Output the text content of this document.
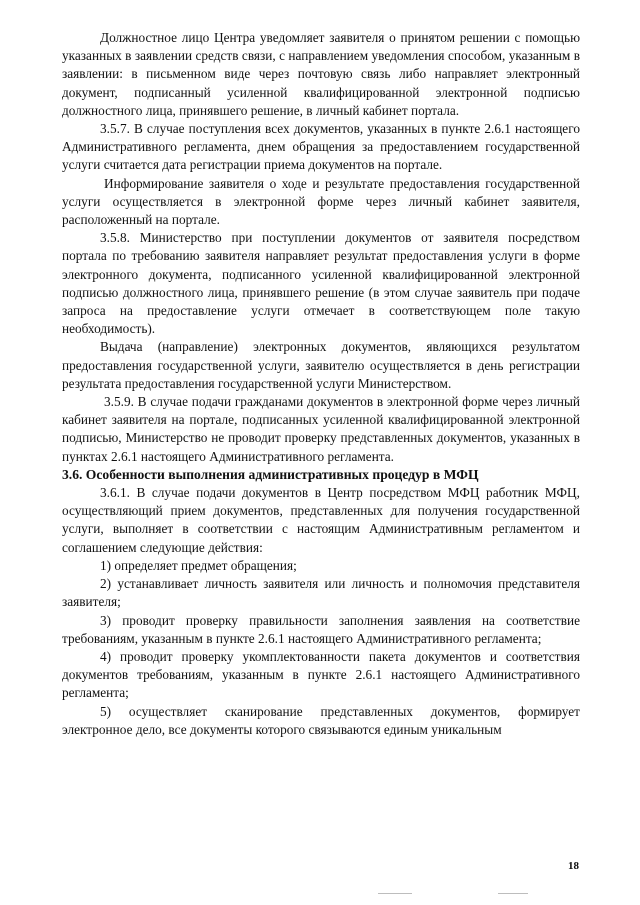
Должностное лицо Центра уведомляет заявителя о принятом решении с помощью указанных в заявлении средств связи, с направлением уведомления способом, указанным в заявлении: в письменном виде через почтовую связь либо направляет электронный документ, подписанный усиленной квалифицированной электронной подписью должностного лица, принявшего решение, в личный кабинет портала.

3.5.7. В случае поступления всех документов, указанных в пункте 2.6.1 настоящего Административного регламента, днем обращения за предоставлением государственной услуги считается дата регистрации приема документов на портале.

Информирование заявителя о ходе и результате предоставления государственной услуги осуществляется в электронной форме через личный кабинет заявителя, расположенный на портале.

3.5.8. Министерство при поступлении документов от заявителя посредством портала по требованию заявителя направляет результат предоставления услуги в форме электронного документа, подписанного усиленной квалифицированной электронной подписью должностного лица, принявшего решение (в этом случае заявитель при подаче запроса на предоставление услуги отмечает в соответствующем поле такую необходимость).

Выдача (направление) электронных документов, являющихся результатом предоставления государственной услуги, заявителю осуществляется в день регистрации результата предоставления государственной услуги Министерством.

3.5.9. В случае подачи гражданами документов в электронной форме через личный кабинет заявителя на портале, подписанных усиленной квалифицированной электронной подписью, Министерство не проводит проверку представленных документов, указанных в пунктах 2.6.1 настоящего Административного регламента.

3.6. Особенности выполнения административных процедур в МФЦ

3.6.1. В случае подачи документов в Центр посредством МФЦ работник МФЦ, осуществляющий прием документов, представленных для получения государственной услуги, выполняет в соответствии с настоящим Административным регламентом и соглашением следующие действия:

1) определяет предмет обращения;

2) устанавливает личность заявителя или личность и полномочия представителя заявителя;

3) проводит проверку правильности заполнения заявления на соответствие требованиям, указанным в пункте 2.6.1 настоящего Административного регламента;

4) проводит проверку укомплектованности пакета документов и соответствия документов требованиям, указанным в пункте 2.6.1 настоящего Административного регламента;

5) осуществляет сканирование представленных документов, формирует электронное дело, все документы которого связываются единым уникальным

18
